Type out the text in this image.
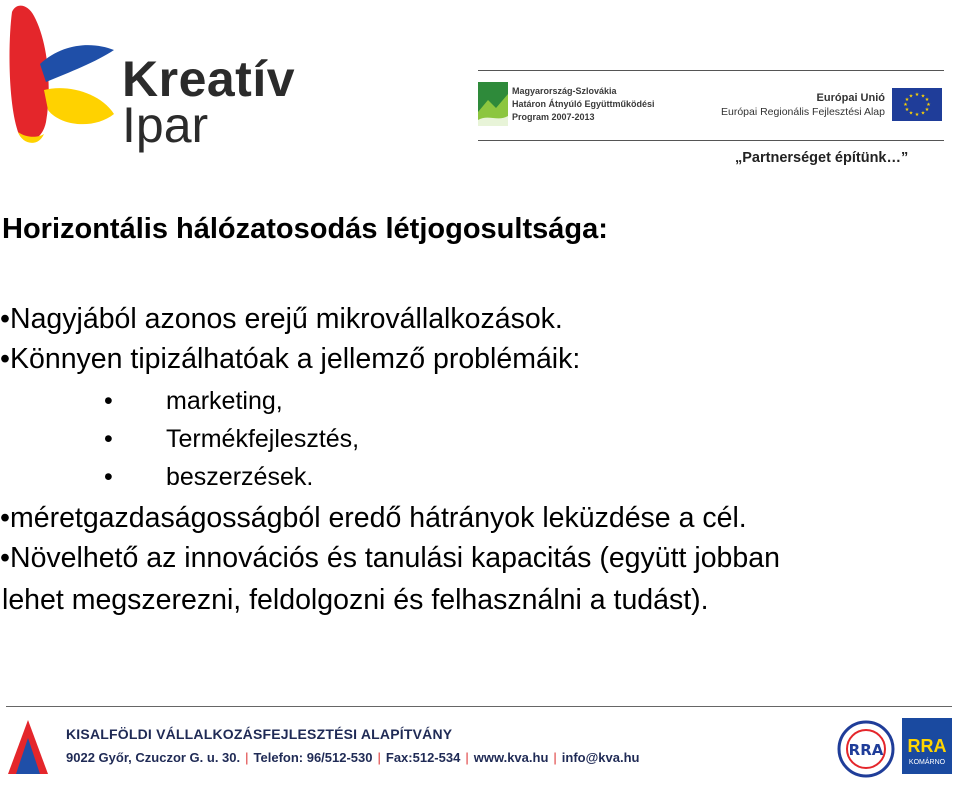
Kreatív
Ipar
Magyarország-Szlovákia
Határon Átnyúló Együttműködési
Program 2007-2013
Európai Unió
Európai Regionális Fejlesztési Alap
★ ★
★
★
★
★
★
★
★
★
★
★
„Partnerséget építünk…”
Horizontális hálózatosodás létjogosultsága:
•Nagyjából azonos erejű mikrovállalkozások.
•Könnyen tipizálhatóak a jellemző problémáik:
• marketing,
• Termékfejlesztés,
• beszerzések.
•méretgazdaságosságból eredő hátrányok leküzdése a cél.
•Növelhető az innovációs és tanulási kapacitás (együtt jobban
lehet megszerezni, feldolgozni és felhasználni a tudást).
KISALFÖLDI VÁLLALKOZÁSFEJLESZTÉSI ALAPÍTVÁNY
9022 Győr, Czuczor G. u. 30. | Telefon: 96/512-530 | Fax:512-534 | www.kva.hu | info@kva.hu	RRA	RRA
KOMÁRNO
